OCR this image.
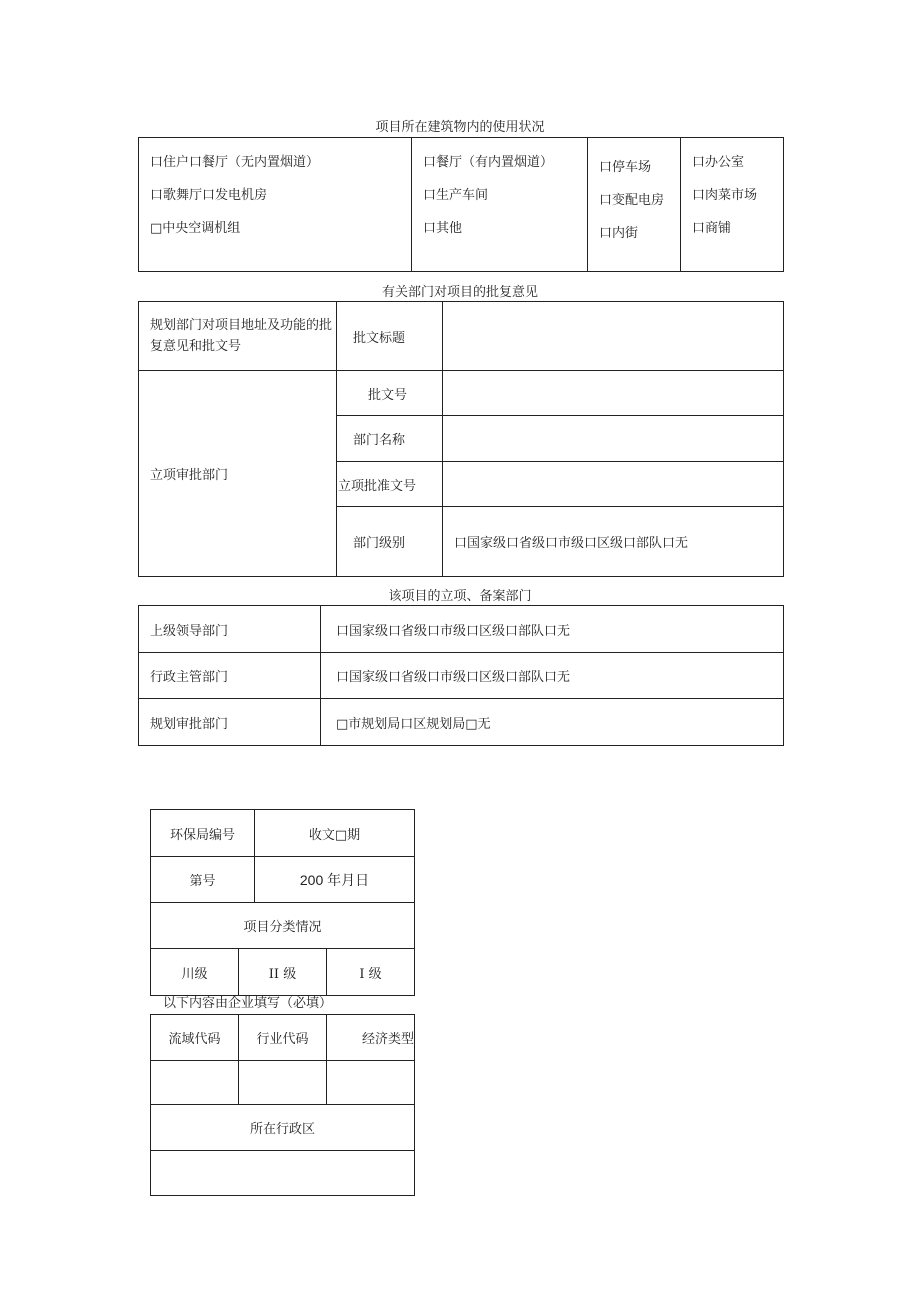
项目所在建筑物内的使用状况
口住户口餐厅（无内置烟道）
口歌舞厅口发电机房
□中央空调机组

口餐厅（有内置烟道）
口生产车间
口其他

口停车场
口变配电房
口内街

口办公室
口肉菜市场
口商铺
有关部门对项目的批复意见
规划部门对项目地址及功能的批复意见和批文号	批文标题	
立项审批部门	批文号	
	部门名称	
	立项批准文号	
	部门级别	口国家级口省级口市级口区级口部队口无
该项目的立项、备案部门
上级领导部门	口国家级口省级口市级口区级口部队口无
行政主管部门	口国家级口省级口市级口区级口部队口无
规划审批部门	□市规划局口区规划局□无
环保局编号		收文□期	
第号		200 年月日	
项目分类情况			
川级	II 级		I 级
以下内容由企业填写（必填）
流域代码	行业代码	经济类型

所在行政区		
